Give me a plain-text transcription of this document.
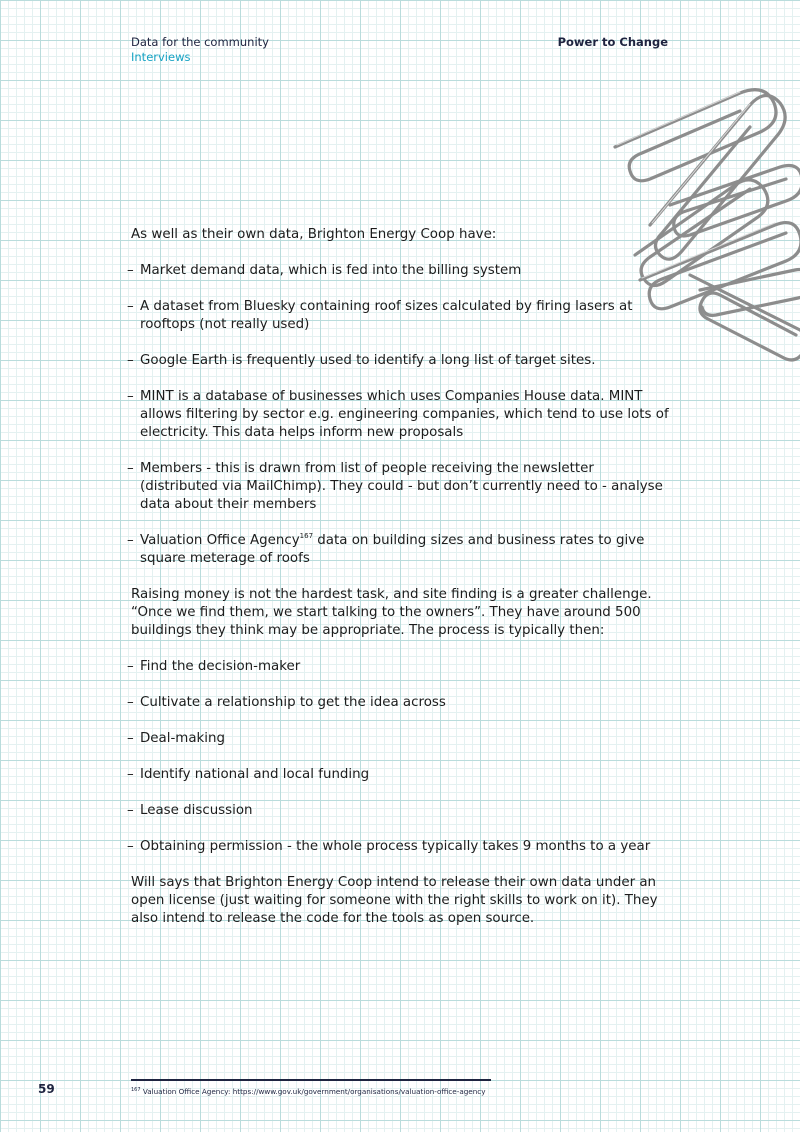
Data for the community
Interviews
Power to Change

As well as their own data, Brighton Energy Coop have:

– Market demand data, which is fed into the billing system

– A dataset from Bluesky containing roof sizes calculated by firing lasers at rooftops (not really used)

– Google Earth is frequently used to identify a long list of target sites.

– MINT is a database of businesses which uses Companies House data. MINT allows filtering by sector e.g. engineering companies, which tend to use lots of electricity. This data helps inform new proposals

– Members - this is drawn from list of people receiving the newsletter (distributed via MailChimp). They could - but don’t currently need to - analyse data about their members

– Valuation Office Agency$^{167}$ data on building sizes and business rates to give square meterage of roofs

Raising money is not the hardest task, and site finding is a greater challenge. “Once we find them, we start talking to the owners”. They have around 500 buildings they think may be appropriate. The process is typically then:

– Find the decision-maker

– Cultivate a relationship to get the idea across

– Deal-making

– Identify national and local funding

– Lease discussion

– Obtaining permission - the whole process typically takes 9 months to a year

Will says that Brighton Energy Coop intend to release their own data under an open license (just waiting for someone with the right skills to work on it). They also intend to release the code for the tools as open source.

59	$^{167}$ Valuation Office Agency: https://www.gov.uk/government/organisations/valuation-office-agency
